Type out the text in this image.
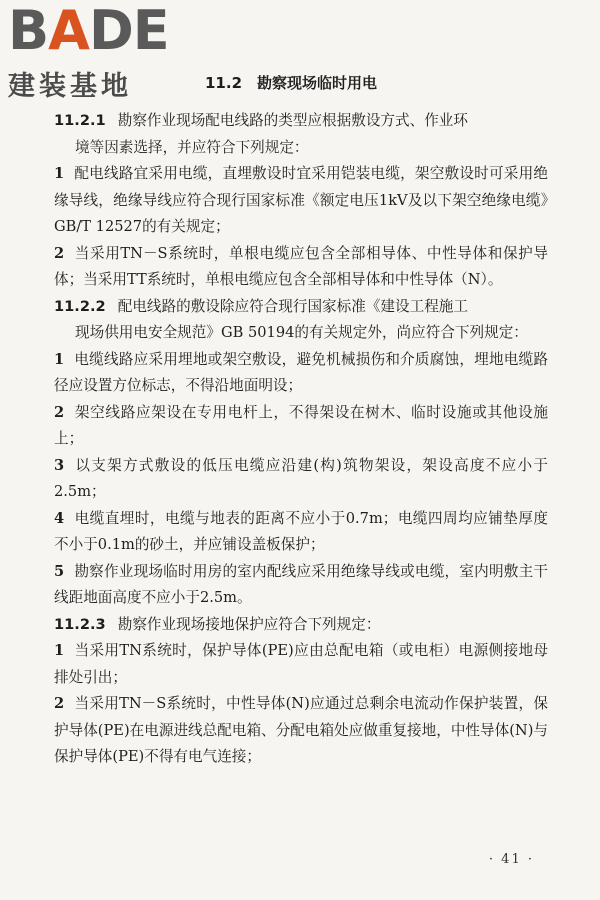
B A DE
建装基地	11.2　勘察现场临时用电

11.2.1 勘察作业现场配电线路的类型应根据敷设方式、作业环

境等因素选择，并应符合下列规定：

1 配电线路宜采用电缆，直埋敷设时宜采用铠装电缆，架空敷设时可采用绝缘导线，绝缘导线应符合现行国家标准《额定电压1kV及以下架空绝缘电缆》GB/T 12527的有关规定；

2 当采用TN－S系统时，单根电缆应包含全部相导体、中性导体和保护导体；当采用TT系统时，单根电缆应包含全部相导体和中性导体（N）。

11.2.2 配电线路的敷设除应符合现行国家标准《建设工程施工

现场供用电安全规范》GB 50194的有关规定外，尚应符合下列规定：

1 电缆线路应采用埋地或架空敷设，避免机械损伤和介质腐蚀，埋地电缆路径应设置方位标志，不得沿地面明设；

2 架空线路应架设在专用电杆上，不得架设在树木、临时设施或其他设施上；

3 以支架方式敷设的低压电缆应沿建(构)筑物架设，架设高度不应小于2.5m；

4 电缆直埋时，电缆与地表的距离不应小于0.7m；电缆四周均应铺垫厚度不小于0.1m的砂土，并应铺设盖板保护；

5 勘察作业现场临时用房的室内配线应采用绝缘导线或电缆，室内明敷主干线距地面高度不应小于2.5m。

11.2.3 勘察作业现场接地保护应符合下列规定：

1 当采用TN系统时，保护导体(PE)应由总配电箱（或电柜）电源侧接地母排处引出；

2 当采用TN－S系统时，中性导体(N)应通过总剩余电流动作保护装置，保护导体(PE)在电源进线总配电箱、分配电箱处应做重复接地，中性导体(N)与保护导体(PE)不得有电气连接；

· 41 ·
